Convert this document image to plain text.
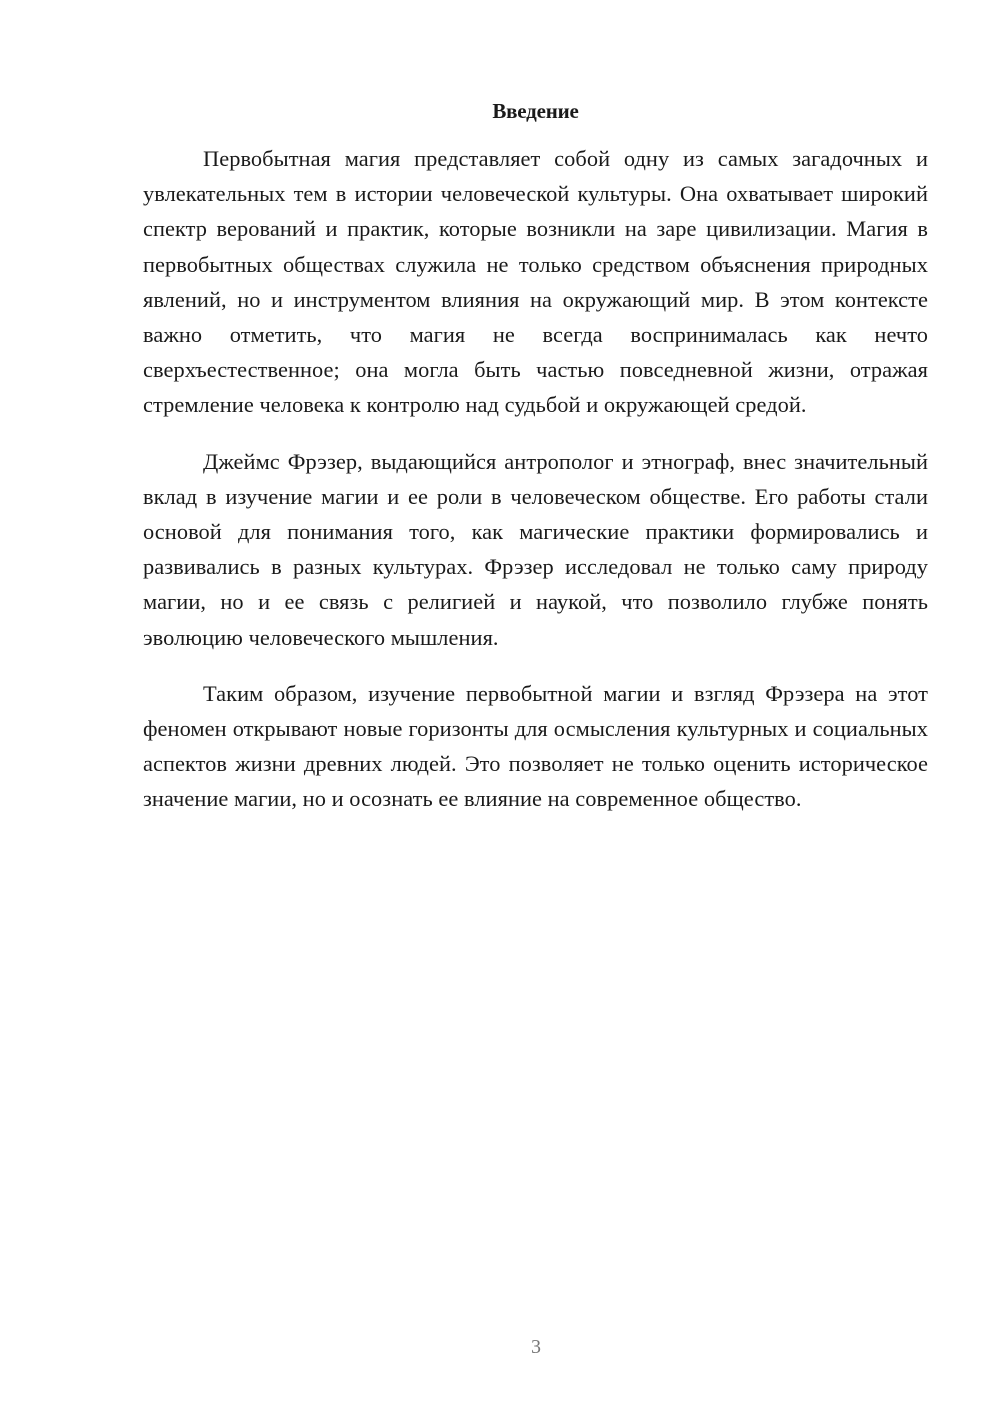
Введение

Первобытная магия представляет собой одну из самых загадочных и увлекательных тем в истории человеческой культуры. Она охватывает широкий спектр верований и практик, которые возникли на заре цивилизации. Магия в первобытных обществах служила не только средством объяснения природных явлений, но и инструментом влияния на окружающий мир. В этом контексте важно отметить, что магия не всегда воспринималась как нечто сверхъестественное; она могла быть частью повседневной жизни, отражая стремление человека к контролю над судьбой и окружающей средой.

Джеймс Фрэзер, выдающийся антрополог и этнограф, внес значительный вклад в изучение магии и ее роли в человеческом обществе. Его работы стали основой для понимания того, как магические практики формировались и развивались в разных культурах. Фрэзер исследовал не только саму природу магии, но и ее связь с религией и наукой, что позволило глубже понять эволюцию человеческого мышления.

Таким образом, изучение первобытной магии и взгляд Фрэзера на этот феномен открывают новые горизонты для осмысления культурных и социальных аспектов жизни древних людей. Это позволяет не только оценить историческое значение магии, но и осознать ее влияние на современное общество.

3
